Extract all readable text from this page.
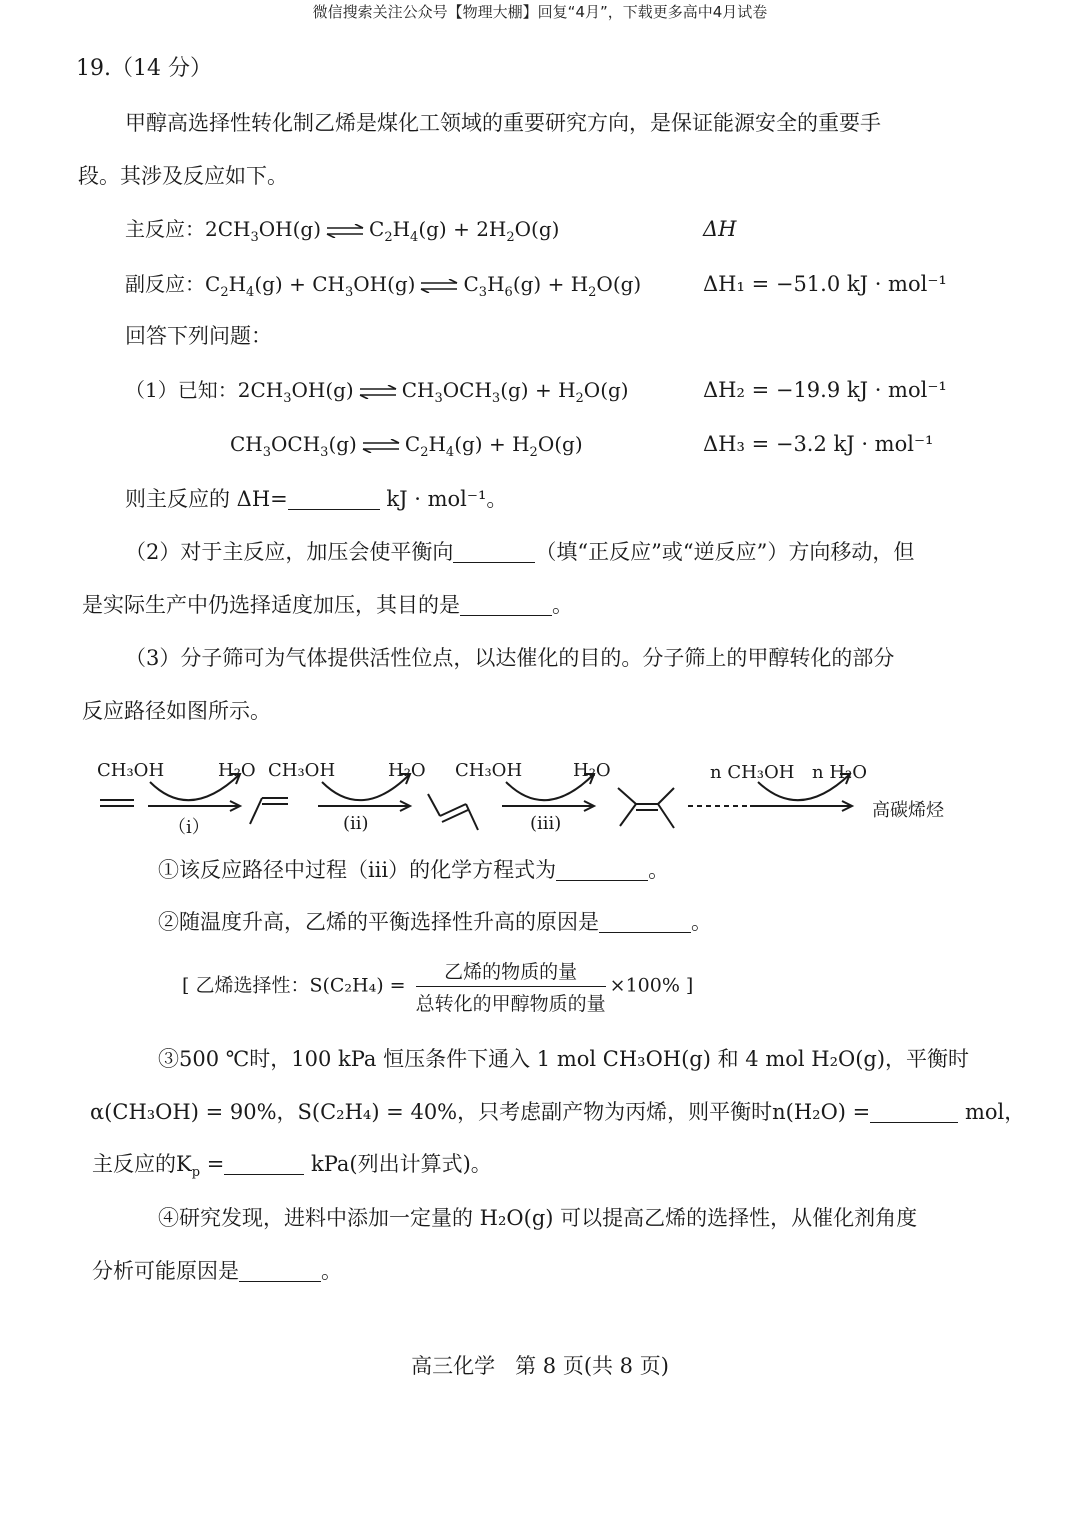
微信搜索关注公众号【物理大棚】回复“4月”，下载更多高中4月试卷
19.（14 分）
甲醇高选择性转化制乙烯是煤化工领域的重要研究方向，是保证能源安全的重要手
段。其涉及反应如下。
主反应：$2CH_3OH(g)$ ⇌ $C_2H_4(g) + 2H_2O(g)$	ΔH
副反应：$C_2H_4(g) + CH_3OH(g)$ ⇌ $C_3H_6(g) + H_2O(g)$	ΔH₁ = −51.0 kJ · mol⁻¹
回答下列问题：
（1）已知：$2CH_3OH(g)$ ⇌ $CH_3OCH_3(g) + H_2O(g)$	ΔH₂ = −19.9 kJ · mol⁻¹
$CH_3OCH_3(g)$ ⇌ $C_2H_4(g) + H_2O(g)$	ΔH₃ = −3.2 kJ · mol⁻¹
则主反应的 ΔH=	kJ · mol⁻¹。
（2）对于主反应，加压会使平衡向	（填“正反应”或“逆反应”）方向移动，但
是实际生产中仍选择适度加压，其目的是	。
（3）分子筛可为气体提供活性位点，以达催化的目的。分子筛上的甲醇转化的部分
反应路径如图所示。
CH₃OH	H₂O
（i）
CH₃OH	H₂O
(ii)
CH₃OH	H₂O
(iii)
n CH₃OH n H₂O
高碳烯烃
①该反应路径中过程（ⅲ）的化学方程式为	。
②随温度升高，乙烯的平衡选择性升高的原因是	。
[ 乙烯选择性：$S(C_2H_4) = \frac{\text{乙烯的物质的量}}{\text{总转化的甲醇物质的量}} \times 100\%$ ]
③500 ℃时，100 kPa 恒压条件下通入 1 mol CH₃OH(g) 和 4 mol H₂O(g)，平衡时
α(CH₃OH) = 90%，S(C₂H₄) = 40%，只考虑副产物为丙烯，则平衡时n(H₂O) =	mol，
主反应的$K_p$ =	kPa(列出计算式)。
④研究发现，进料中添加一定量的 H₂O(g) 可以提高乙烯的选择性，从催化剂角度
分析可能原因是	。
高三化学   第 8 页(共 8 页)
